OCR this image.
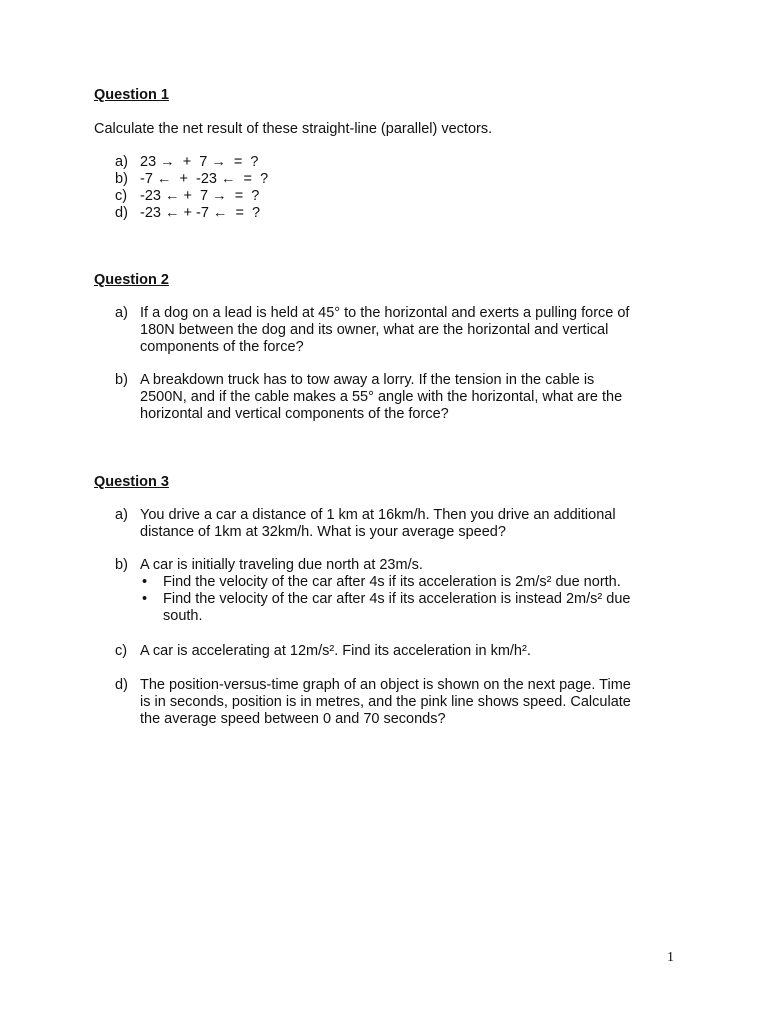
Question 1

Calculate the net result of these straight-line (parallel) vectors.

a) 23 →  +  7 →  =  ?
b) -7 ←  +  -23 ←  =  ?
c) -23 ← +  7 →  =  ?
d) -23 ← + -7 ←  =  ?
Question 2
a) If a dog on a lead is held at 45° to the horizontal and exerts a pulling force of

180N between the dog and its owner, what are the horizontal and vertical

components of the force?

b) A breakdown truck has to tow away a lorry. If the tension in the cable is

2500N, and if the cable makes a 55° angle with the horizontal, what are the

horizontal and vertical components of the force?

Question 3
a) You drive a car a distance of 1 km at 16km/h. Then you drive an additional

distance of 1km at 32km/h. What is your average speed?

b) A car is initially traveling due north at 23m/s.

• Find the velocity of the car after 4s if its acceleration is 2m/s² due north.
• Find the velocity of the car after 4s if its acceleration is instead 2m/s² due
south.
c) A car is accelerating at 12m/s². Find its acceleration in km/h².

d) The position-versus-time graph of an object is shown on the next page. Time

is in seconds, position is in metres, and the pink line shows speed. Calculate

the average speed between 0 and 70 seconds?

1
